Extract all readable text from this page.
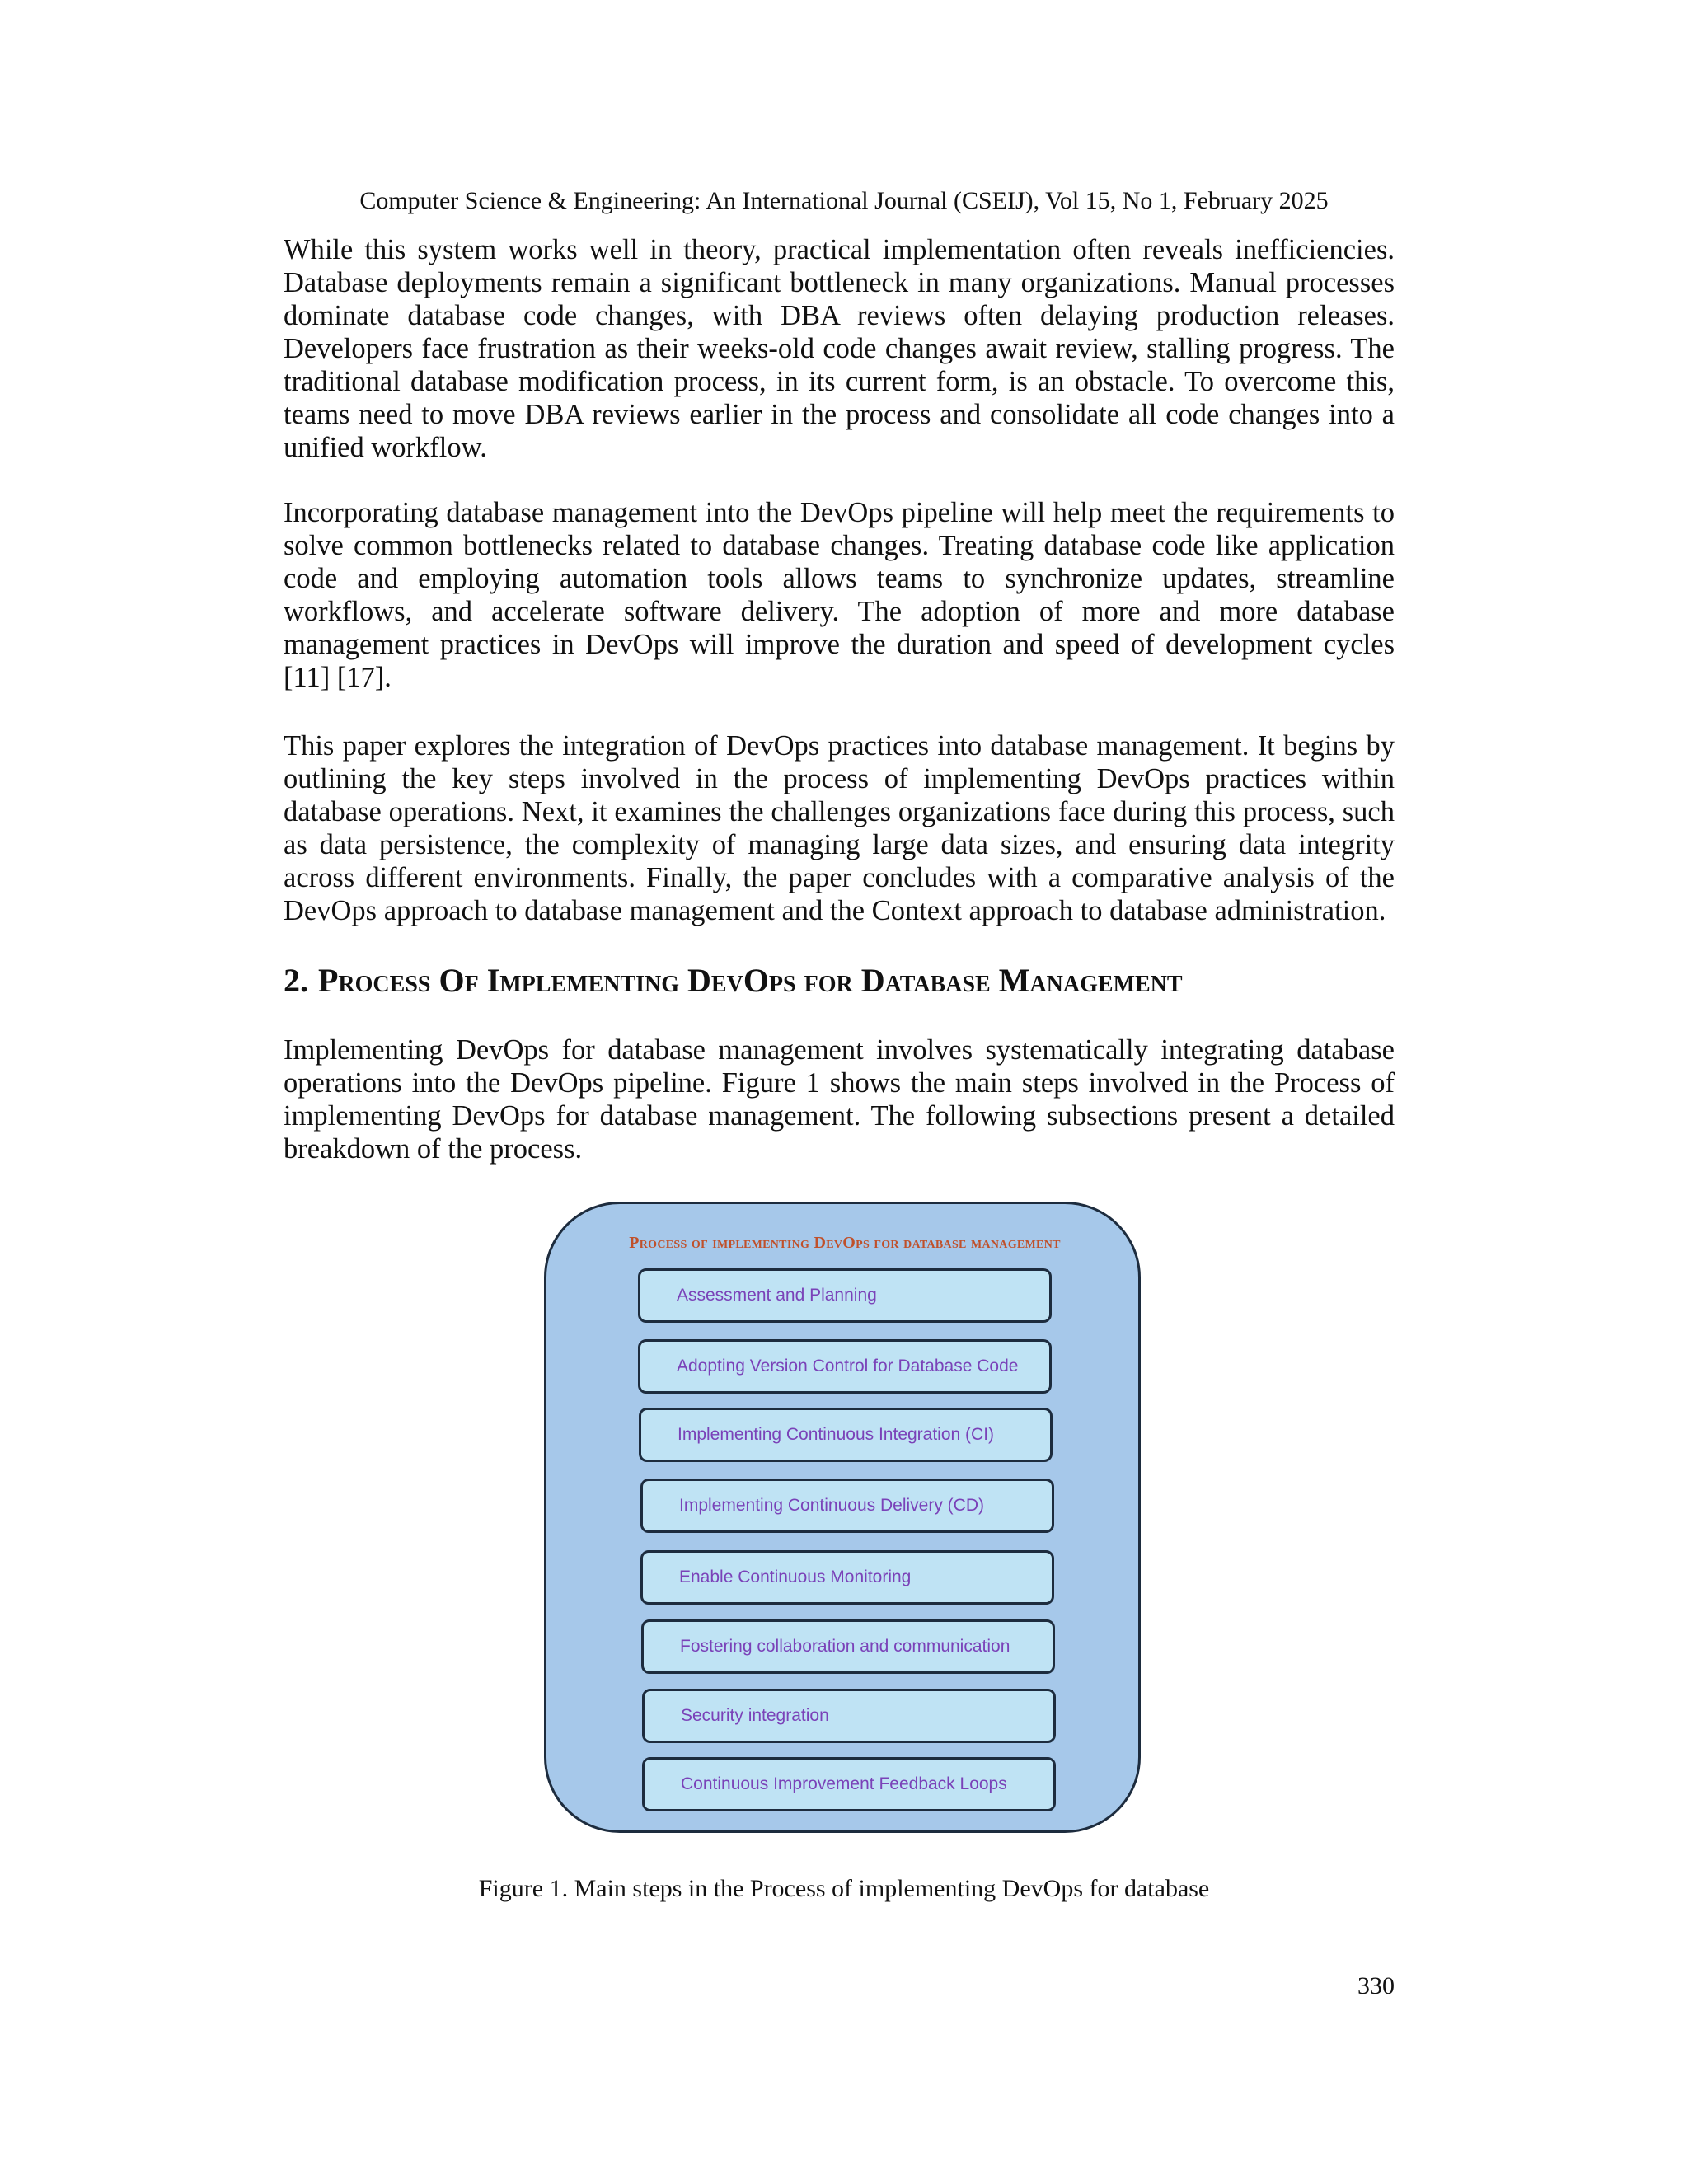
Computer Science & Engineering: An International Journal (CSEIJ), Vol 15, No 1, February 2025

While this system works well in theory, practical implementation often reveals inefficiencies. Database deployments remain a significant bottleneck in many organizations. Manual processes dominate database code changes, with DBA reviews often delaying production releases. Developers face frustration as their weeks-old code changes await review, stalling progress. The traditional database modification process, in its current form, is an obstacle. To overcome this, teams need to move DBA reviews earlier in the process and consolidate all code changes into a unified workflow.

Incorporating database management into the DevOps pipeline will help meet the requirements to solve common bottlenecks related to database changes. Treating database code like application code and employing automation tools allows teams to synchronize updates, streamline workflows, and accelerate software delivery. The adoption of more and more database management practices in DevOps will improve the duration and speed of development cycles [11] [17].

This paper explores the integration of DevOps practices into database management. It begins by outlining the key steps involved in the process of implementing DevOps practices within database operations. Next, it examines the challenges organizations face during this process, such as data persistence, the complexity of managing large data sizes, and ensuring data integrity across different environments. Finally, the paper concludes with a comparative analysis of the DevOps approach to database management and the Context approach to database administration.

2. Process Of Implementing DevOps for Database Management

Implementing DevOps for database management involves systematically integrating database operations into the DevOps pipeline. Figure 1 shows the main steps involved in the Process of implementing DevOps for database management. The following subsections present a detailed breakdown of the process.

Process of implementing DevOps for database management
Assessment and Planning
Adopting Version Control for Database Code
Implementing Continuous Integration (CI)
Implementing Continuous Delivery (CD)
Enable Continuous Monitoring
Fostering collaboration and communication
Security integration
Continuous Improvement Feedback Loops
Figure 1. Main steps in the Process of implementing DevOps for database
330
